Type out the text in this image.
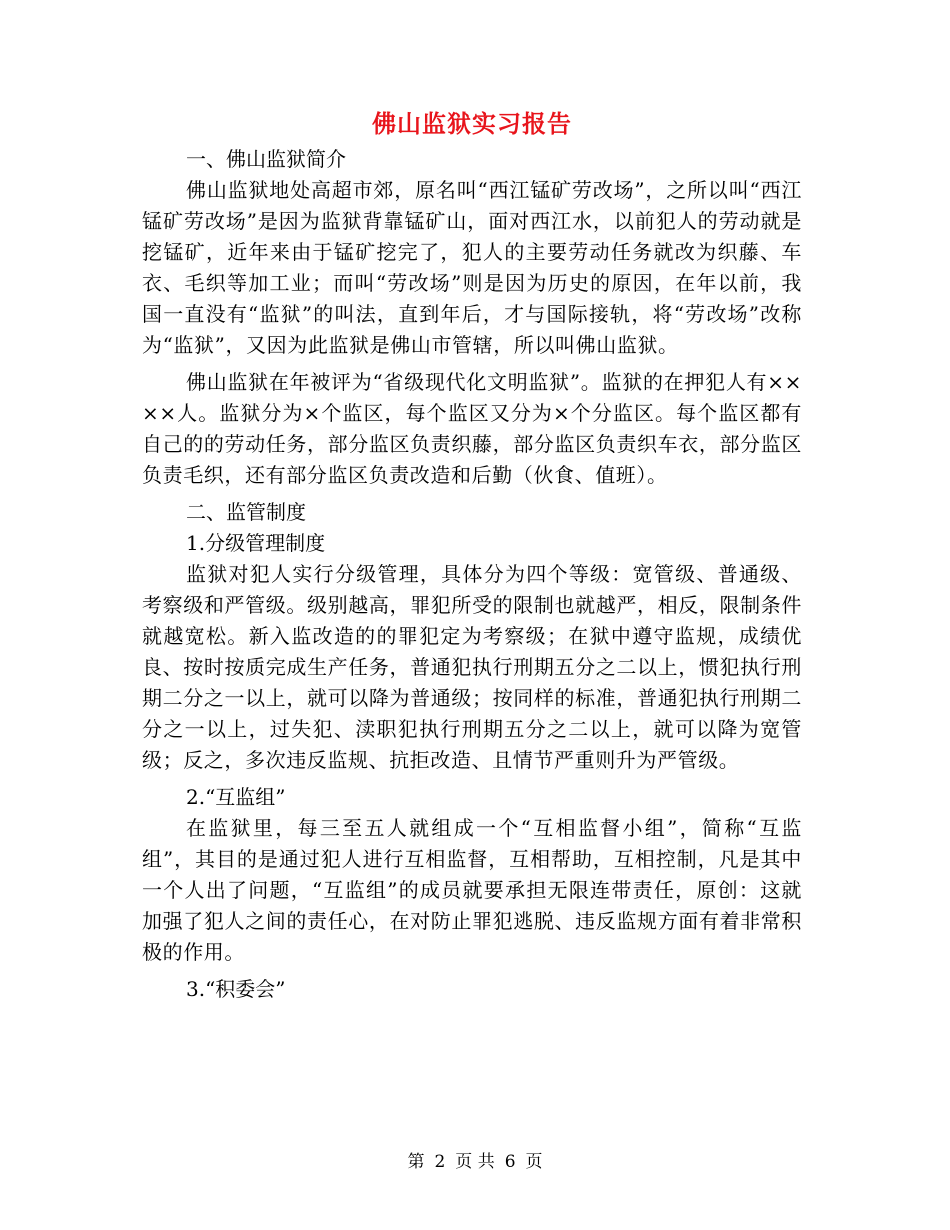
佛山监狱实习报告
一、佛山监狱简介
佛山监狱地处高超市郊，原名叫“西江锰矿劳改场”，之所以叫“西江锰矿劳改场”是因为监狱背靠锰矿山，面对西江水，以前犯人的劳动就是挖锰矿，近年来由于锰矿挖完了，犯人的主要劳动任务就改为织藤、车衣、毛织等加工业；而叫“劳改场”则是因为历史的原因，在年以前，我国一直没有“监狱”的叫法，直到年后，才与国际接轨，将“劳改场”改称为“监狱”，又因为此监狱是佛山市管辖，所以叫佛山监狱。
佛山监狱在年被评为“省级现代化文明监狱”。监狱的在押犯人有××××人。监狱分为×个监区，每个监区又分为×个分监区。每个监区都有自己的的劳动任务，部分监区负责织藤，部分监区负责织车衣，部分监区负责毛织，还有部分监区负责改造和后勤（伙食、值班）。
二、监管制度
1.分级管理制度
监狱对犯人实行分级管理，具体分为四个等级：宽管级、普通级、考察级和严管级。级别越高，罪犯所受的限制也就越严，相反，限制条件就越宽松。新入监改造的的罪犯定为考察级；在狱中遵守监规，成绩优良、按时按质完成生产任务，普通犯执行刑期五分之二以上，惯犯执行刑期二分之一以上，就可以降为普通级；按同样的标准，普通犯执行刑期二分之一以上，过失犯、渎职犯执行刑期五分之二以上，就可以降为宽管级；反之，多次违反监规、抗拒改造、且情节严重则升为严管级。
2.“互监组”
在监狱里，每三至五人就组成一个“互相监督小组”，简称“互监组”，其目的是通过犯人进行互相监督，互相帮助，互相控制，凡是其中一个人出了问题，“互监组”的成员就要承担无限连带责任，原创：这就加强了犯人之间的责任心，在对防止罪犯逃脱、违反监规方面有着非常积极的作用。
3.“积委会”
第 2 页 共 6 页
